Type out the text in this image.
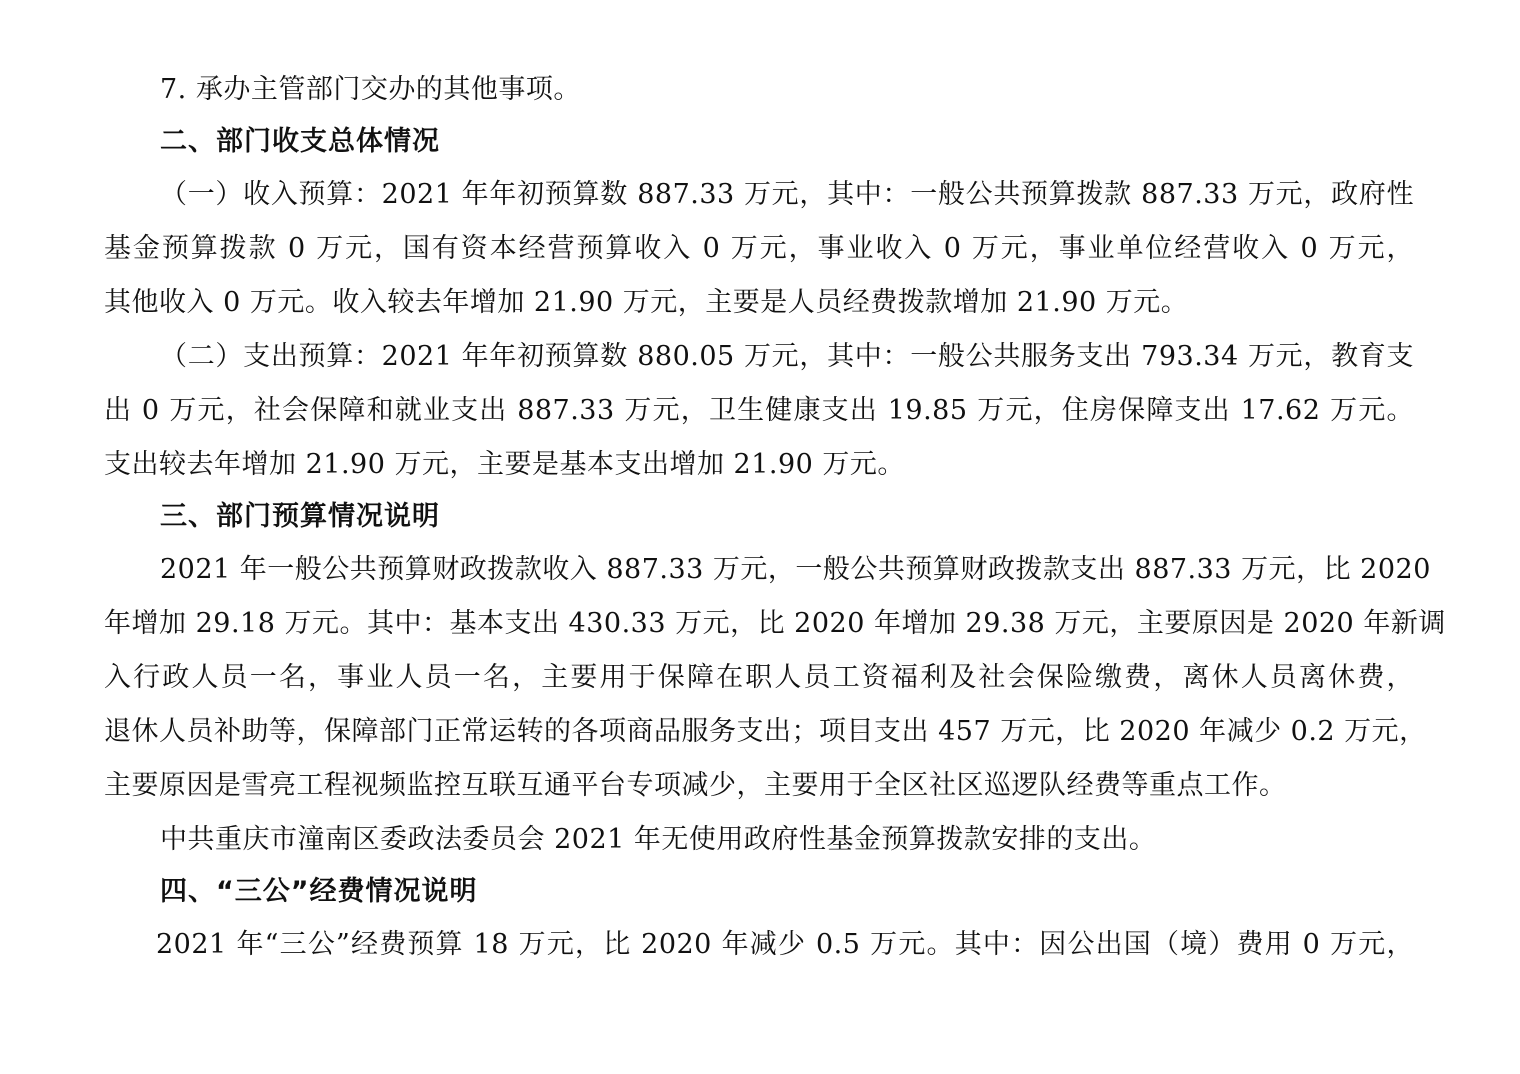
7. 承办主管部门交办的其他事项。
二、部门收支总体情况
（一）收入预算：2021 年年初预算数 887.33 万元，其中：一般公共预算拨款 887.33 万元，政府性
基金预算拨款 0 万元，国有资本经营预算收入 0 万元，事业收入 0 万元，事业单位经营收入 0 万元，
其他收入 0 万元。收入较去年增加 21.90 万元，主要是人员经费拨款增加 21.90 万元。
（二）支出预算：2021 年年初预算数 880.05 万元，其中：一般公共服务支出 793.34 万元，教育支
出 0 万元，社会保障和就业支出 887.33 万元，卫生健康支出 19.85 万元，住房保障支出 17.62 万元。
支出较去年增加 21.90 万元，主要是基本支出增加 21.90 万元。
三、部门预算情况说明
2021 年一般公共预算财政拨款收入 887.33 万元，一般公共预算财政拨款支出 887.33 万元，比 2020
年增加 29.18 万元。其中：基本支出 430.33 万元，比 2020 年增加 29.38 万元，主要原因是 2020 年新调
入行政人员一名，事业人员一名，主要用于保障在职人员工资福利及社会保险缴费，离休人员离休费，
退休人员补助等，保障部门正常运转的各项商品服务支出；项目支出 457 万元，比 2020 年减少 0.2 万元，
主要原因是雪亮工程视频监控互联互通平台专项减少，主要用于全区社区巡逻队经费等重点工作。
中共重庆市潼南区委政法委员会 2021 年无使用政府性基金预算拨款安排的支出。
四、“三公”经费情况说明
2021 年“三公”经费预算 18 万元，比 2020 年减少 0.5 万元。其中：因公出国（境）费用 0 万元，
